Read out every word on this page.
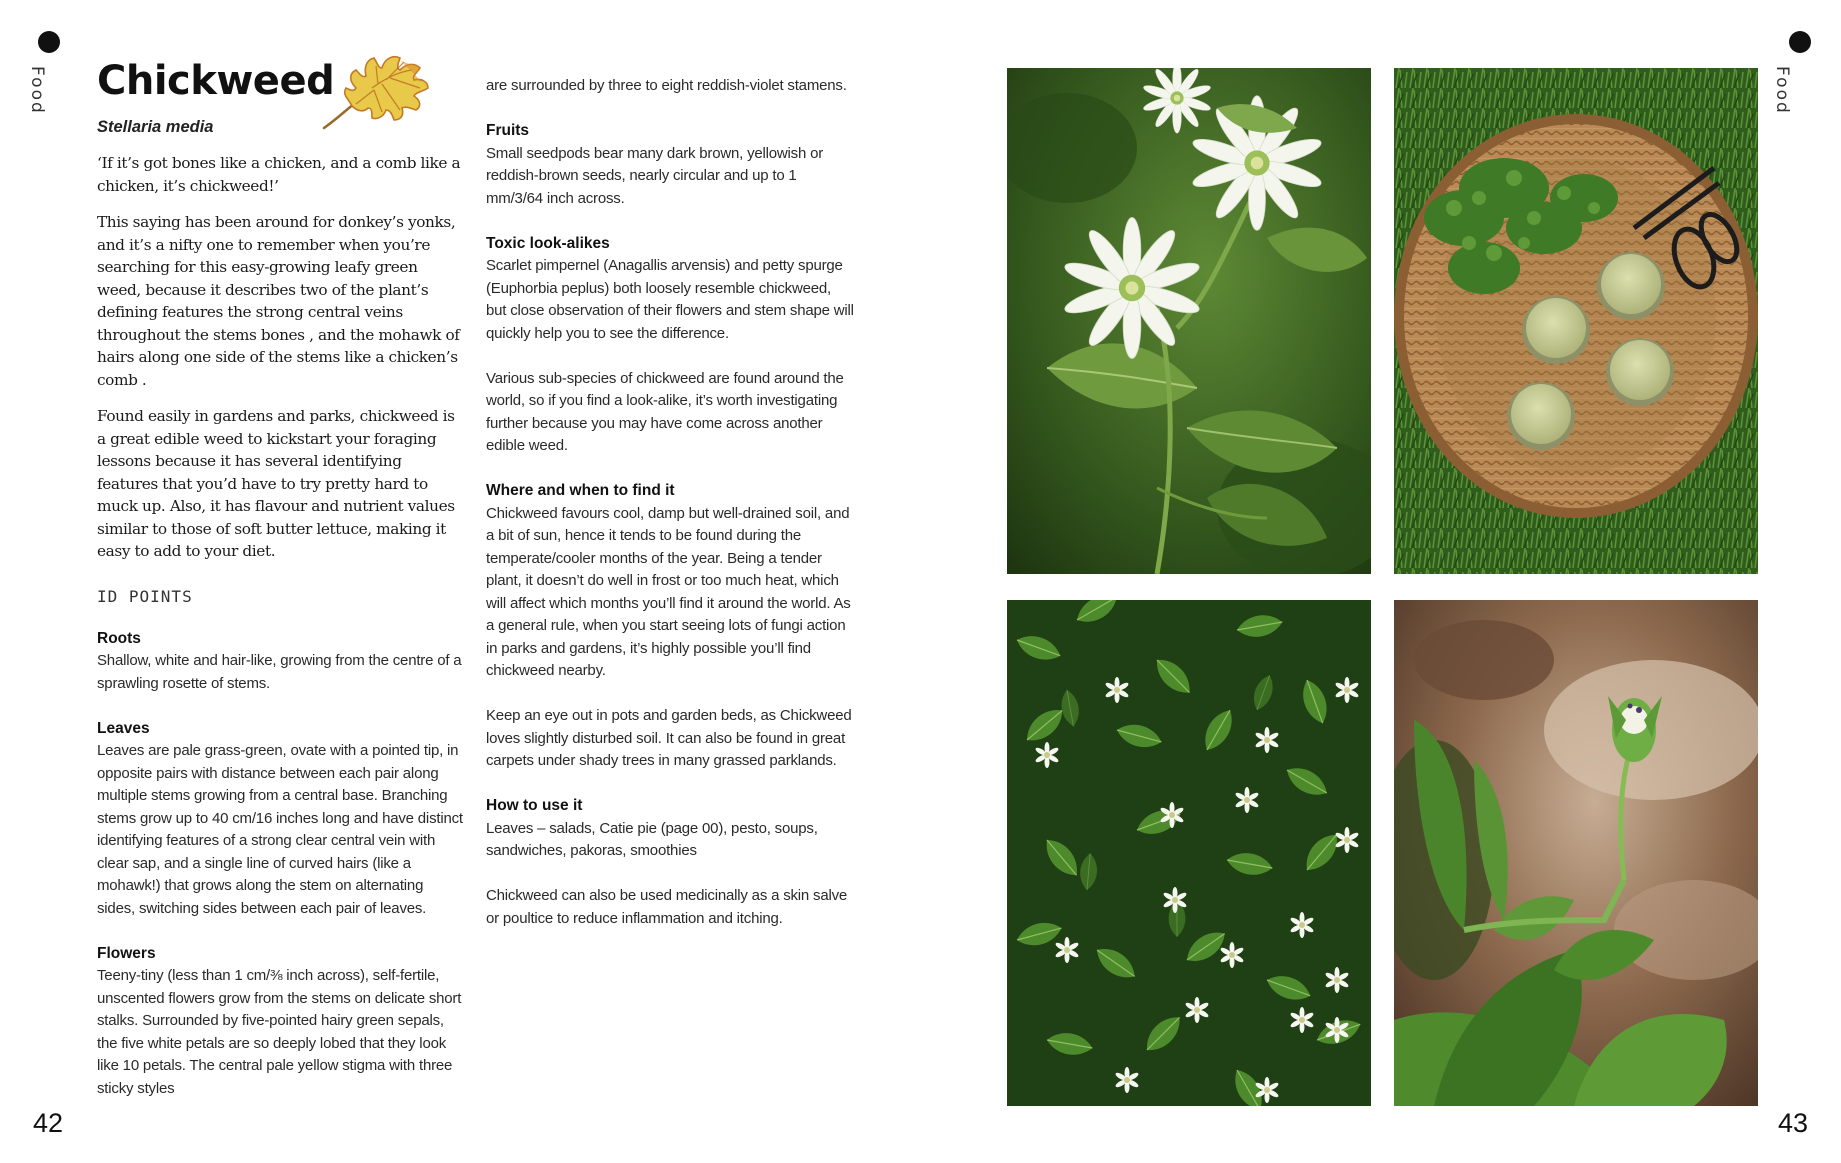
Food	Food
Chickweed
Stellaria media

‘If it’s got bones like a chicken, and a comb like a chicken, it’s chickweed!’

This saying has been around for donkey’s yonks, and it’s a nifty one to remember when you’re searching for this easy-growing leafy green weed, because it describes two of the plant’s defining features the strong central veins throughout the stems bones , and the mohawk of hairs along one side of the stems like a chicken’s comb .

Found easily in gardens and parks, chickweed is a great edible weed to kickstart your foraging lessons because it has several identifying features that you’d have to try pretty hard to muck up. Also, it has flavour and nutrient values similar to those of soft butter lettuce, making it easy to add to your diet.

ID POINTS
Roots

Shallow, white and hair-like, growing from the centre of a sprawling rosette of stems.

Leaves

Leaves are pale grass-green, ovate with a pointed tip, in opposite pairs with distance between each pair along multiple stems growing from a central base. Branching stems grow up to 40 cm/16 inches long and have distinct identifying features of a strong clear central vein with clear sap, and a single line of curved hairs (like a mohawk!) that grows along the stem on alternating sides, switching sides between each pair of leaves.

Flowers

Teeny-tiny (less than 1 cm/⅜ inch across), self-fertile, unscented flowers grow from the stems on delicate short stalks. Surrounded by five-pointed hairy green sepals, the five white petals are so deeply lobed that they look like 10 petals. The central pale yellow stigma with three sticky styles

are surrounded by three to eight reddish-violet stamens.

Fruits

Small seedpods bear many dark brown, yellowish or reddish-brown seeds, nearly circular and up to 1 mm/3/64 inch across.

Toxic look-alikes

Scarlet pimpernel (Anagallis arvensis) and petty spurge (Euphorbia peplus) both loosely resemble chickweed, but close observation of their flowers and stem shape will quickly help you to see the difference.

Various sub-species of chickweed are found around the world, so if you find a look-alike, it’s worth investigating further because you may have come across another edible weed.

Where and when to find it

Chickweed favours cool, damp but well-drained soil, and a bit of sun, hence it tends to be found during the temperate/cooler months of the year. Being a tender plant, it doesn’t do well in frost or too much heat, which will affect which months you’ll find it around the world. As a general rule, when you start seeing lots of fungi action in parks and gardens, it’s highly possible you’ll find chickweed nearby.

Keep an eye out in pots and garden beds, as Chickweed loves slightly disturbed soil. It can also be found in great carpets under shady trees in many grassed parklands.

How to use it

Leaves – salads, Catie pie (page 00), pesto, soups, sandwiches, pakoras, smoothies

Chickweed can also be used medicinally as a skin salve or poultice to reduce inflammation and itching.

42	43
